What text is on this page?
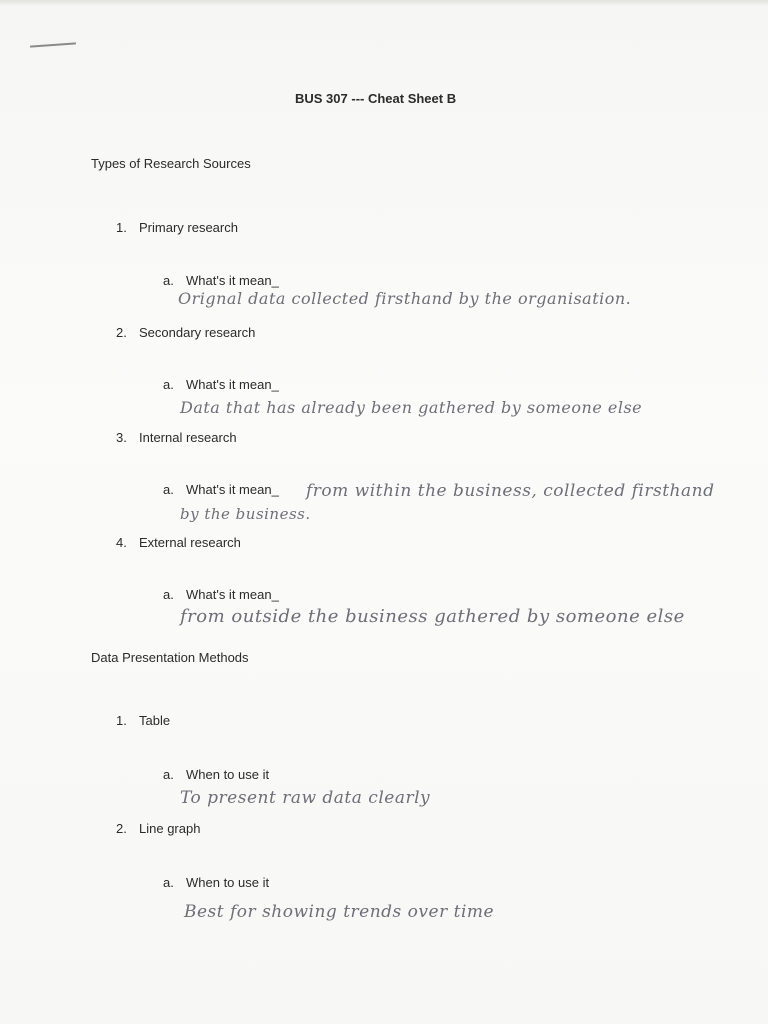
BUS 307 --- Cheat Sheet B
Types of Research Sources
1. Primary research
a. What's it mean_
Orignal data collected firsthand by the organisation.
2. Secondary research
a. What's it mean_
Data that has already been gathered by someone else
3. Internal research
a. What's it mean_ from within the business, collected firsthand
by the business.
4. External research
a. What's it mean_
from outside the business gathered by someone else
Data Presentation Methods
1. Table
a. When to use it
To present raw data clearly
2. Line graph
a. When to use it
Best for showing trends over time
